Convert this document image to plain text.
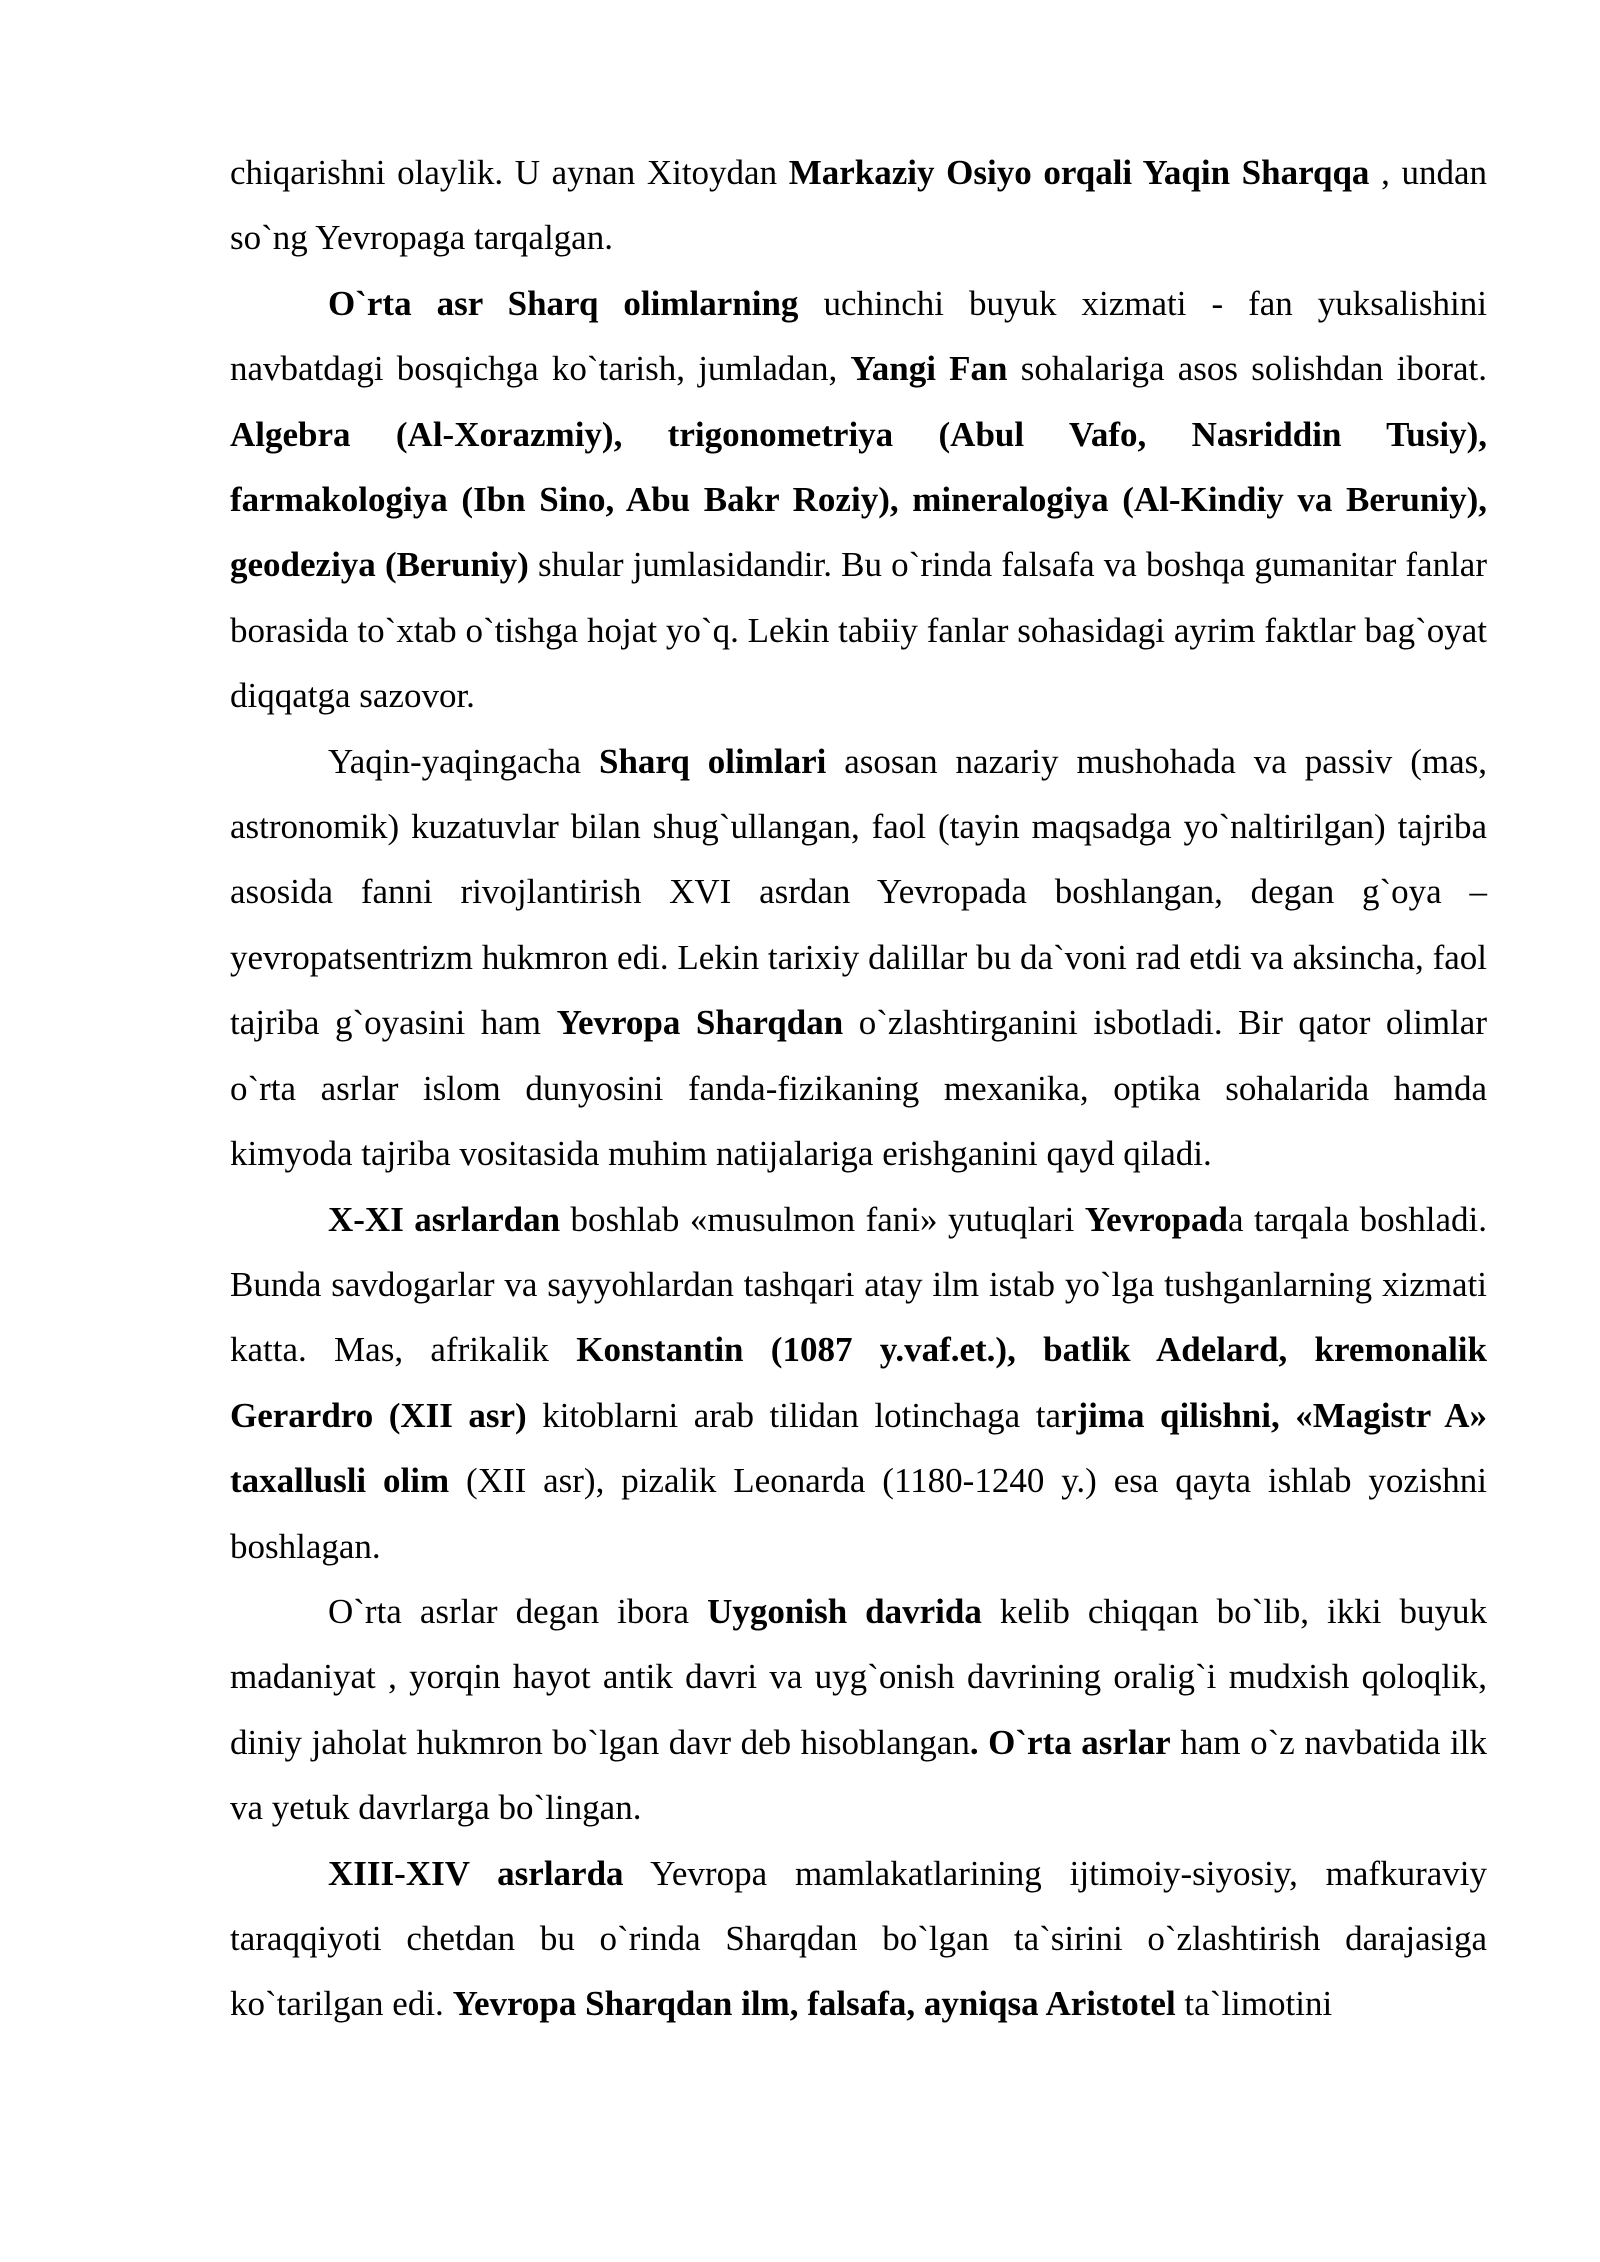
chiqarishni olaylik. U aynan Xitoydan Markaziy Osiyo orqali Yaqin Sharqqa , undan so`ng Yevropaga tarqalgan.

O`rta asr Sharq olimlarning uchinchi buyuk xizmati - fan yuksalishini navbatdagi bosqichga ko`tarish, jumladan, Yangi Fan sohalariga asos solishdan iborat. Algebra (Al-Xorazmiy), trigonometriya (Abul Vafo, Nasriddin Tusiy), farmakologiya (Ibn Sino, Abu Bakr Roziy), mineralogiya (Al-Kindiy va Beruniy), geodeziya (Beruniy) shular jumlasidandir. Bu o`rinda falsafa va boshqa gumanitar fanlar borasida to`xtab o`tishga hojat yo`q. Lekin tabiiy fanlar sohasidagi ayrim faktlar bag`oyat diqqatga sazovor.

Yaqin-yaqingacha Sharq olimlari asosan nazariy mushohada va passiv (mas, astronomik) kuzatuvlar bilan shug`ullangan, faol (tayin maqsadga yo`naltirilgan) tajriba asosida fanni rivojlantirish XVI asrdan Yevropada boshlangan, degan g`oya – yevropatsentrizm hukmron edi. Lekin tarixiy dalillar bu da`voni rad etdi va aksincha, faol tajriba g`oyasini ham Yevropa Sharqdan o`zlashtirganini isbotladi. Bir qator olimlar o`rta asrlar islom dunyosini fanda-fizikaning mexanika, optika sohalarida hamda kimyoda tajriba vositasida muhim natijalariga erishganini qayd qiladi.

X-XI asrlardan boshlab «musulmon fani» yutuqlari Yevropada tarqala boshladi. Bunda savdogarlar va sayyohlardan tashqari atay ilm istab yo`lga tushganlarning xizmati katta. Mas, afrikalik Konstantin (1087 y.vaf.et.), batlik Adelard, kremonalik Gerardro (XII asr) kitoblarni arab tilidan lotinchaga tarjima qilishni, «Magistr A» taxallusli olim (XII asr), pizalik Leonarda (1180-1240 y.) esa qayta ishlab yozishni boshlagan.

O`rta asrlar degan ibora Uygonish davrida kelib chiqqan bo`lib, ikki buyuk madaniyat , yorqin hayot antik davri va uyg`onish davrining oralig`i mudxish qoloqlik, diniy jaholat hukmron bo`lgan davr deb hisoblangan. O`rta asrlar ham o`z navbatida ilk va yetuk davrlarga bo`lingan.

XIII-XIV asrlarda Yevropa mamlakatlarining ijtimoiy-siyosiy, mafkuraviy taraqqiyoti chetdan bu o`rinda Sharqdan bo`lgan ta`sirini o`zlashtirish darajasiga ko`tarilgan edi. Yevropa Sharqdan ilm, falsafa, ayniqsa Aristotel ta`limotini
